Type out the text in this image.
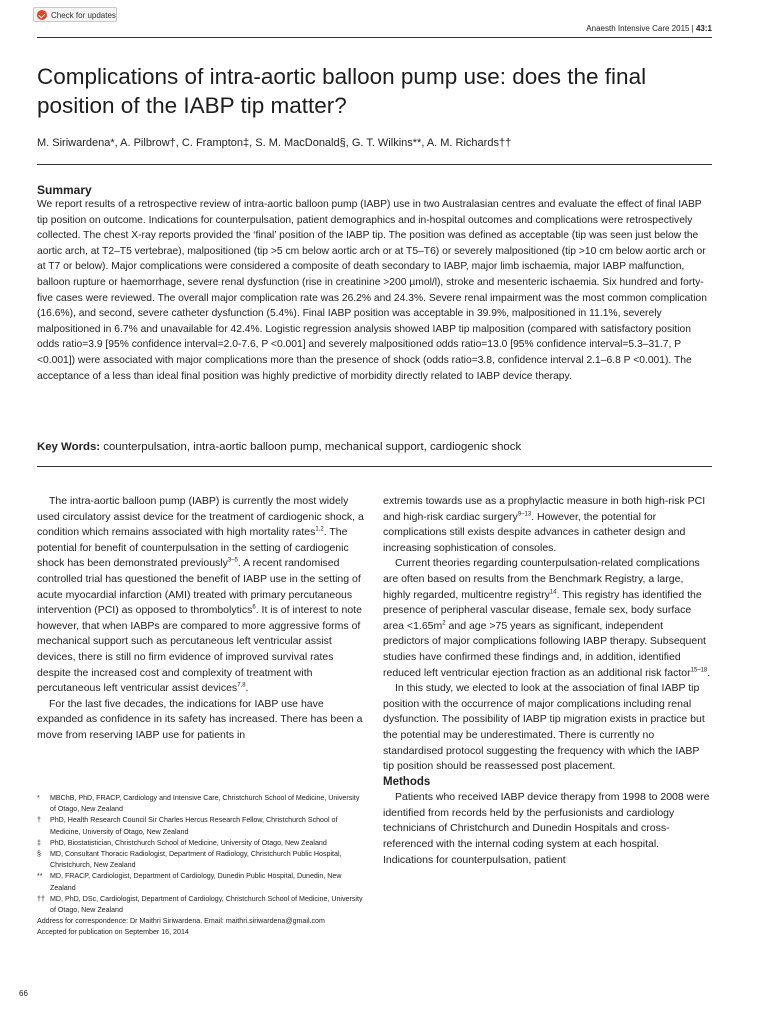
Check for updates
Anaesth Intensive Care 2015 | 43:1
Complications of intra-aortic balloon pump use: does the final position of the IABP tip matter?
M. Siriwardena*, A. Pilbrow†, C. Frampton‡, S. M. MacDonald§, G. T. Wilkins**, A. M. Richards††
Summary

We report results of a retrospective review of intra-aortic balloon pump (IABP) use in two Australasian centres and evaluate the effect of final IABP tip position on outcome. Indications for counterpulsation, patient demographics and in-hospital outcomes and complications were retrospectively collected. The chest X-ray reports provided the ‘final’ position of the IABP tip. The position was defined as acceptable (tip was seen just below the aortic arch, at T2–T5 vertebrae), malpositioned (tip >5 cm below aortic arch or at T5–T6) or severely malpositioned (tip >10 cm below aortic arch or at T7 or below). Major complications were considered a composite of death secondary to IABP, major limb ischaemia, major IABP malfunction, balloon rupture or haemorrhage, severe renal dysfunction (rise in creatinine >200 µmol/l), stroke and mesenteric ischaemia. Six hundred and forty-five cases were reviewed. The overall major complication rate was 26.2% and 24.3%. Severe renal impairment was the most common complication (16.6%), and second, severe catheter dysfunction (5.4%). Final IABP position was acceptable in 39.9%, malpositioned in 11.1%, severely malpositioned in 6.7% and unavailable for 42.4%. Logistic regression analysis showed IABP tip malposition (compared with satisfactory position odds ratio=3.9 [95% confidence interval=2.0-7.6, P <0.001] and severely malpositioned odds ratio=13.0 [95% confidence interval=5.3–31.7, P <0.001]) were associated with major complications more than the presence of shock (odds ratio=3.8, confidence interval 2.1–6.8 P <0.001). The acceptance of a less than ideal final position was highly predictive of morbidity directly related to IABP device therapy.

Key Words: counterpulsation, intra-aortic balloon pump, mechanical support, cardiogenic shock

The intra-aortic balloon pump (IABP) is currently the most widely used circulatory assist device for the treatment of cardiogenic shock, a condition which remains associated with high mortality rates$^{1,2}$. The potential for benefit of counterpulsation in the setting of cardiogenic shock has been demonstrated previously$^{3-5}$. A recent randomised controlled trial has questioned the benefit of IABP use in the setting of acute myocardial infarction (AMI) treated with primary percutaneous intervention (PCI) as opposed to thrombolytics$^6$. It is of interest to note however, that when IABPs are compared to more aggressive forms of mechanical support such as percutaneous left ventricular assist devices, there is still no firm evidence of improved survival rates despite the increased cost and complexity of treatment with percutaneous left ventricular assist devices$^{7,8}$.

For the last five decades, the indications for IABP use have expanded as confidence in its safety has increased. There has been a move from reserving IABP use for patients in

* MBChB, PhD, FRACP, Cardiology and Intensive Care, Christchurch School of Medicine, University of Otago, New Zealand
† PhD, Health Research Council Sir Charles Hercus Research Fellow, Christchurch School of Medicine, University of Otago, New Zealand
‡ PhD, Biostatistician, Christchurch School of Medicine, University of Otago, New Zealand
§ MD, Consultant Thoracic Radiologist, Department of Radiology, Christchurch Public Hospital, Christchurch, New Zealand
** MD, FRACP, Cardiologist, Department of Cardiology, Dunedin Public Hospital, Dunedin, New Zealand
†† MD, PhD, DSc, Cardiologist, Department of Cardiology, Christchurch School of Medicine, University of Otago, New Zealand
Address for correspondence: Dr Maithri Siriwardena. Email: maithri.siriwardena@gmail.com
Accepted for publication on September 16, 2014

extremis towards use as a prophylactic measure in both high-risk PCI and high-risk cardiac surgery$^{9-13}$. However, the potential for complications still exists despite advances in catheter design and increasing sophistication of consoles.

Current theories regarding counterpulsation-related complications are often based on results from the Benchmark Registry, a large, highly regarded, multicentre registry$^{14}$. This registry has identified the presence of peripheral vascular disease, female sex, body surface area $<1.65m^2$ and age >75 years as significant, independent predictors of major complications following IABP therapy. Subsequent studies have confirmed these findings and, in addition, identified reduced left ventricular ejection fraction as an additional risk factor$^{15-18}$.

In this study, we elected to look at the association of final IABP tip position with the occurrence of major complications including renal dysfunction. The possibility of IABP tip migration exists in practice but the potential may be underestimated. There is currently no standardised protocol suggesting the frequency with which the IABP tip position should be reassessed post placement.

Methods

Patients who received IABP device therapy from 1998 to 2008 were identified from records held by the perfusionists and cardiology technicians of Christchurch and Dunedin Hospitals and cross-referenced with the internal coding system at each hospital. Indications for counterpulsation, patient

66
